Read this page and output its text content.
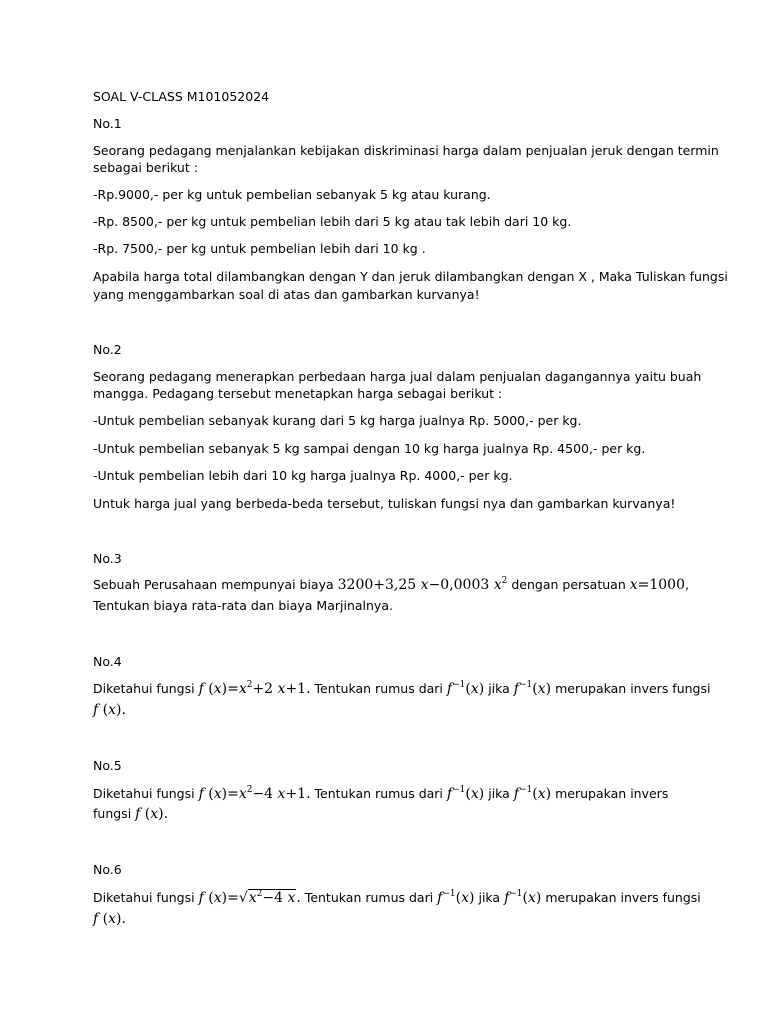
SOAL V-CLASS M101052024
No.1
Seorang pedagang menjalankan kebijakan diskriminasi harga dalam penjualan jeruk dengan termin
sebagai berikut :
-Rp.9000,- per kg untuk pembelian sebanyak 5 kg atau kurang.
-Rp. 8500,- per kg untuk pembelian lebih dari 5 kg atau tak lebih dari 10 kg.
-Rp. 7500,- per kg untuk pembelian lebih dari 10 kg .
Apabila harga total dilambangkan dengan Y dan jeruk dilambangkan dengan X , Maka Tuliskan fungsi
yang menggambarkan soal di atas dan gambarkan kurvanya!
No.2
Seorang pedagang menerapkan perbedaan harga jual dalam penjualan dagangannya yaitu buah
mangga. Pedagang tersebut menetapkan harga sebagai berikut :
-Untuk pembelian sebanyak kurang dari 5 kg harga jualnya Rp. 5000,- per kg.
-Untuk pembelian sebanyak 5 kg sampai dengan 10 kg harga jualnya Rp. 4500,- per kg.
-Untuk pembelian lebih dari 10 kg harga jualnya Rp. 4000,- per kg.
Untuk harga jual yang berbeda-beda tersebut, tuliskan fungsi nya dan gambarkan kurvanya!
No.3
Sebuah Perusahaan mempunyai biaya 3200+3,25 x−0,0003 $x^2$ dengan persatuan x=1000,
Tentukan biaya rata-rata dan biaya Marjinalnya.
No.4
Diketahui fungsi f $(x)=x^2+2$ x+1. Tentukan rumus dari $f^{-1}(x)$ jika $f^{-1}(x)$ merupakan invers fungsi
f (x).
No.5
Diketahui fungsi f $(x)=x^2-4$ x+1. Tentukan rumus dari $f^{-1}(x)$ jika $f^{-1}(x)$ merupakan invers
fungsi f (x).
No.6
Diketahui fungsi f $(x)=√x^2-4$ x. Tentukan rumus dari $f^{-1}(x)$ jika $f^{-1}(x)$ merupakan invers fungsi
f (x).
